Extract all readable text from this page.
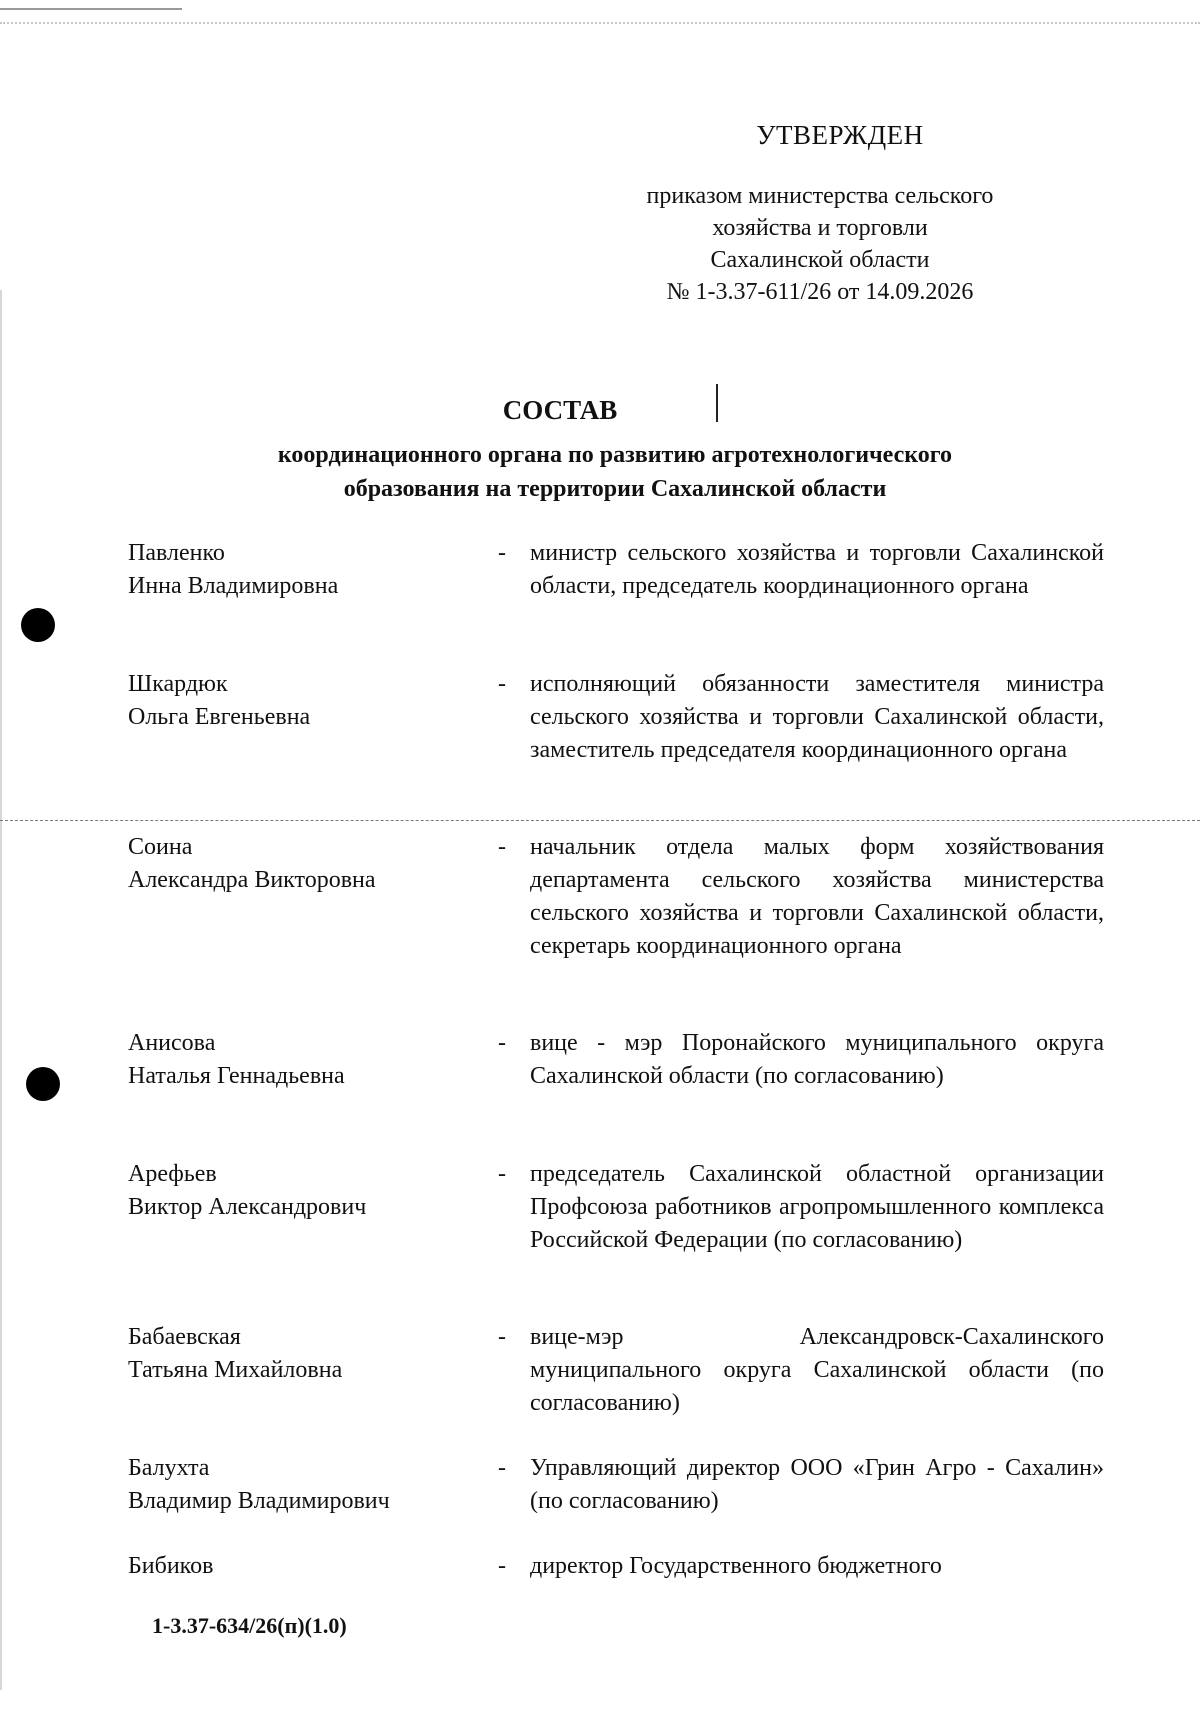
УТВЕРЖДЕН
приказом министерства сельского
хозяйства и торговли
Сахалинской области
№ 1-3.37-611/26 от 14.09.2026
СОСТАВ
координационного органа по развитию агротехнологического
образования на территории Сахалинской области
Павленко
Инна Владимировна
- министр сельского хозяйства и торговли Сахалинской области, председатель координационного органа
Шкардюк
Ольга Евгеньевна
- исполняющий обязанности заместителя министра сельского хозяйства и торговли Сахалинской области, заместитель председателя координационного органа
Соина
Александра Викторовна
- начальник отдела малых форм хозяйствования департамента сельского хозяйства министерства сельского хозяйства и торговли Сахалинской области, секретарь координационного органа
Анисова
Наталья Геннадьевна
- вице - мэр Поронайского муниципального округа Сахалинской области (по согласованию)
Арефьев
Виктор Александрович
- председатель Сахалинской областной организации Профсоюза работников агропромышленного комплекса Российской Федерации (по согласованию)
Бабаевская
Татьяна Михайловна
- вице-мэр Александровск-Сахалинского муниципального округа Сахалинской области (по согласованию)
Балухта
Владимир Владимирович
- Управляющий директор ООО «Грин Агро - Сахалин» (по согласованию)
Бибиков	- директор Государственного бюджетного
1-3.37-634/26(п)(1.0)
